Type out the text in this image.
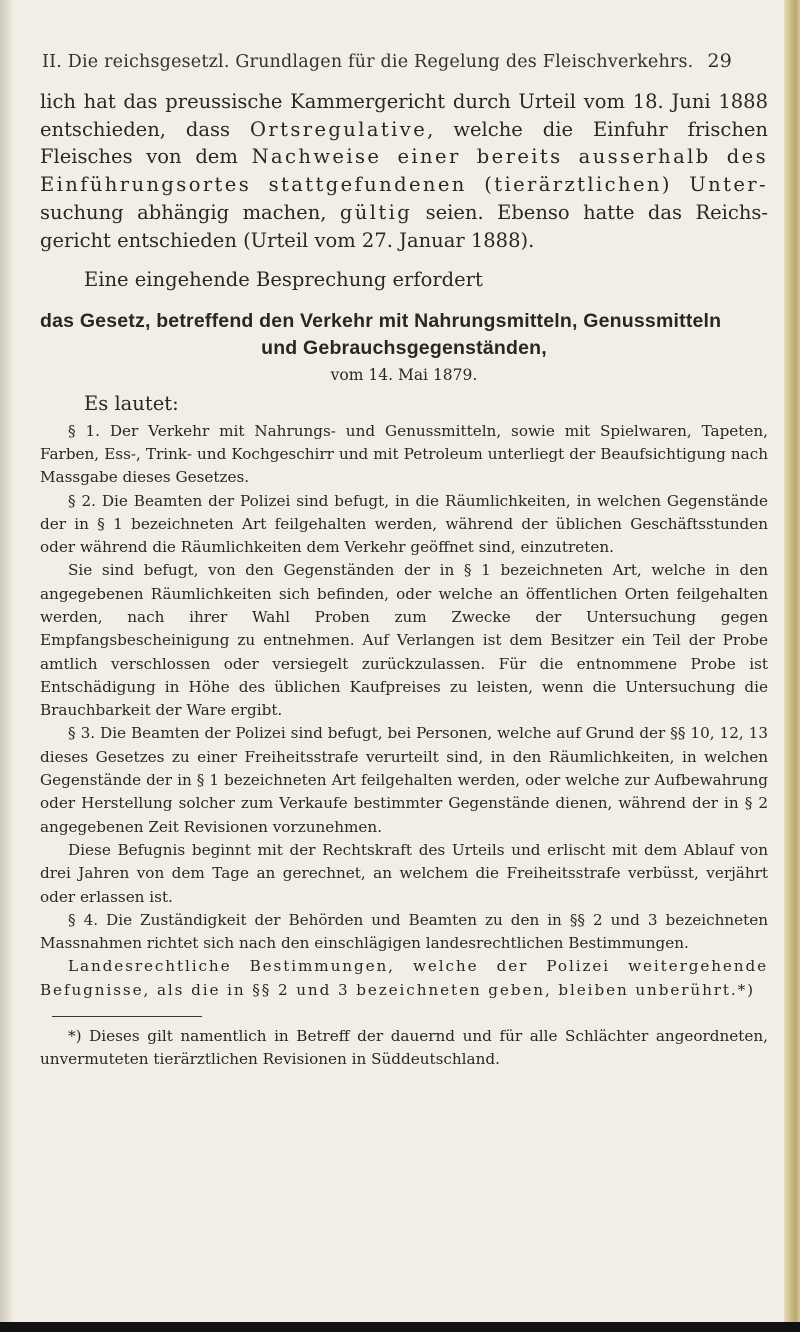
II. Die reichsgesetzl. Grundlagen für die Regelung des Fleischverkehrs. 29

lich hat das preussische Kammergericht durch Urteil vom 18. Juni 1888 entschieden, dass Ortsregulative, welche die Einfuhr frischen Fleisches von dem Nachweise einer bereits ausserhalb des Einführungsortes stattgefundenen (tierärztlichen) Unter- suchung abhängig machen, gültig seien. Ebenso hatte das Reichs- gericht entschieden (Urteil vom 27. Januar 1888).

Eine eingehende Besprechung erfordert

das Gesetz, betreffend den Verkehr mit Nahrungsmitteln, Genussmitteln

und Gebrauchsgegenständen,

vom 14. Mai 1879.

Es lautet:

§ 1. Der Verkehr mit Nahrungs- und Genussmitteln, sowie mit Spielwaren, Tapeten, Farben, Ess-, Trink- und Kochgeschirr und mit Petroleum unterliegt der Beaufsichtigung nach Massgabe dieses Gesetzes.

§ 2. Die Beamten der Polizei sind befugt, in die Räumlichkeiten, in welchen Gegenstände der in § 1 bezeichneten Art feilgehalten werden, während der üblichen Geschäftsstunden oder während die Räumlichkeiten dem Verkehr geöffnet sind, einzutreten.

Sie sind befugt, von den Gegenständen der in § 1 bezeichneten Art, welche in den angegebenen Räumlichkeiten sich befinden, oder welche an öffentlichen Orten feilgehalten werden, nach ihrer Wahl Proben zum Zwecke der Untersuchung gegen Empfangsbescheinigung zu entnehmen. Auf Verlangen ist dem Besitzer ein Teil der Probe amtlich verschlossen oder versiegelt zurückzulassen. Für die entnommene Probe ist Entschädigung in Höhe des üblichen Kaufpreises zu leisten, wenn die Untersuchung die Brauchbarkeit der Ware ergibt.

§ 3. Die Beamten der Polizei sind befugt, bei Personen, welche auf Grund der §§ 10, 12, 13 dieses Gesetzes zu einer Freiheitsstrafe verurteilt sind, in den Räumlichkeiten, in welchen Gegenstände der in § 1 bezeichneten Art feilgehalten werden, oder welche zur Aufbewahrung oder Herstellung solcher zum Verkaufe bestimmter Gegenstände dienen, während der in § 2 angegebenen Zeit Revisionen vorzunehmen.

Diese Befugnis beginnt mit der Rechtskraft des Urteils und erlischt mit dem Ablauf von drei Jahren von dem Tage an gerechnet, an welchem die Freiheitsstrafe verbüsst, verjährt oder erlassen ist.

§ 4. Die Zuständigkeit der Behörden und Beamten zu den in §§ 2 und 3 bezeichneten Massnahmen richtet sich nach den einschlägigen landesrechtlichen Bestimmungen.

Landesrechtliche Bestimmungen, welche der Polizei weitergehende Befugnisse, als die in §§ 2 und 3 bezeichneten geben, bleiben unberührt.*)

*) Dieses gilt namentlich in Betreff der dauernd und für alle Schlächter angeordneten, unvermuteten tierärztlichen Revisionen in Süddeutschland.
